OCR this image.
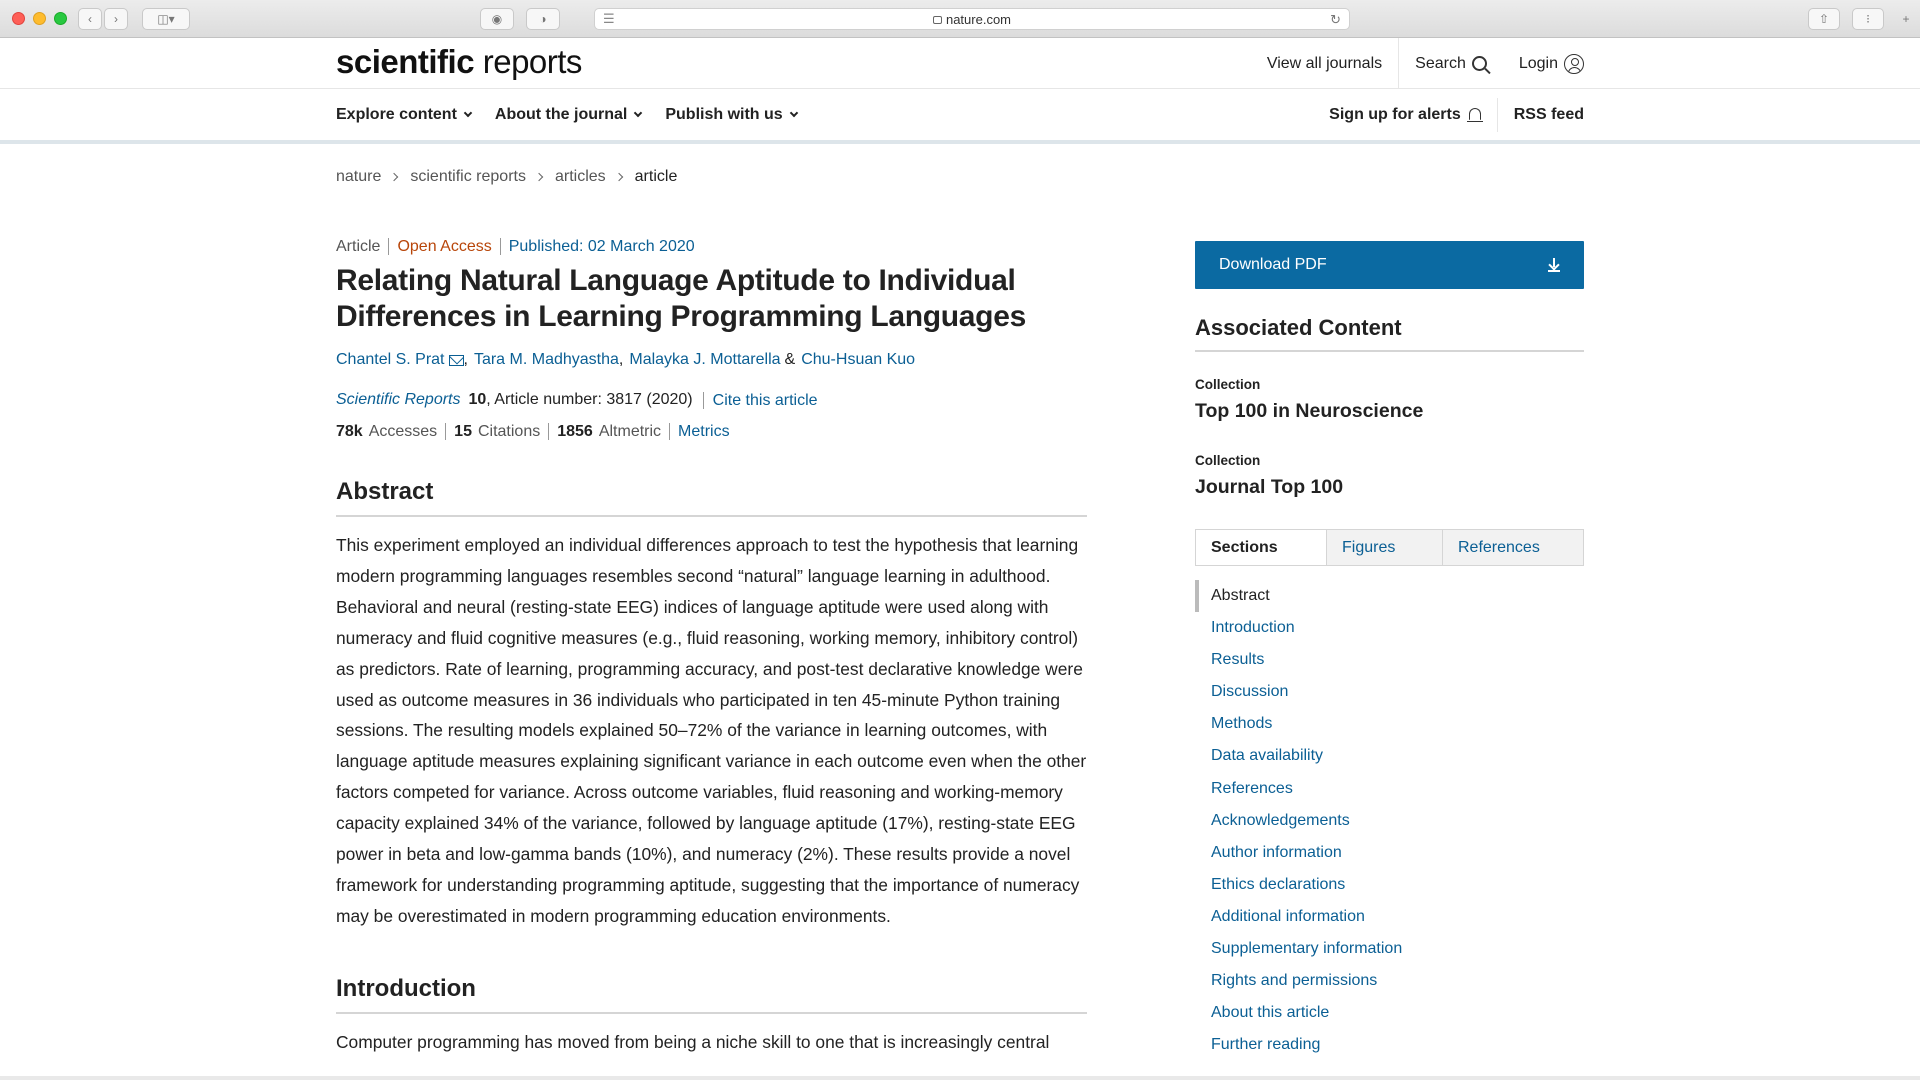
‹	›	◫▾	◉	◑	☰	nature.com	↻	⇧	⁝	+
scientific reports	View all journals Search	Login
Explore content About the journal Publish with us	Sign up for alerts	RSS feed
nature scientific reports articles article
Article	Open Access	Published: 02 March 2020
Relating Natural Language Aptitude to Individual Differences in Learning Programming Languages
Chantel S. Prat , Tara M. Madhyastha , Malayka J. Mottarella & Chu-Hsuan Kuo
Scientific Reports 10 , Article number: 3817 (2020)	Cite this article
78k Accesses	15 Citations	1856 Altmetric	Metrics
Abstract

This experiment employed an individual differences approach to test the hypothesis that learning modern programming languages resembles second “natural” language learning in adulthood. Behavioral and neural (resting-state EEG) indices of language aptitude were used along with numeracy and fluid cognitive measures (e.g., fluid reasoning, working memory, inhibitory control) as predictors. Rate of learning, programming accuracy, and post-test declarative knowledge were used as outcome measures in 36 individuals who participated in ten 45-minute Python training sessions. The resulting models explained 50–72% of the variance in learning outcomes, with language aptitude measures explaining significant variance in each outcome even when the other factors competed for variance. Across outcome variables, fluid reasoning and working-memory capacity explained 34% of the variance, followed by language aptitude (17%), resting-state EEG power in beta and low-gamma bands (10%), and numeracy (2%). These results provide a novel framework for understanding programming aptitude, suggesting that the importance of numeracy may be overestimated in modern programming education environments.

Introduction

Computer programming has moved from being a niche skill to one that is increasingly central

Download PDF
Associated Content
Collection
Top 100 in Neuroscience
Collection
Journal Top 100
Sections	Figures	References
Abstract
Introduction
Results
Discussion
Methods
Data availability
References
Acknowledgements
Author information
Ethics declarations
Additional information
Supplementary information
Rights and permissions
About this article
Further reading
